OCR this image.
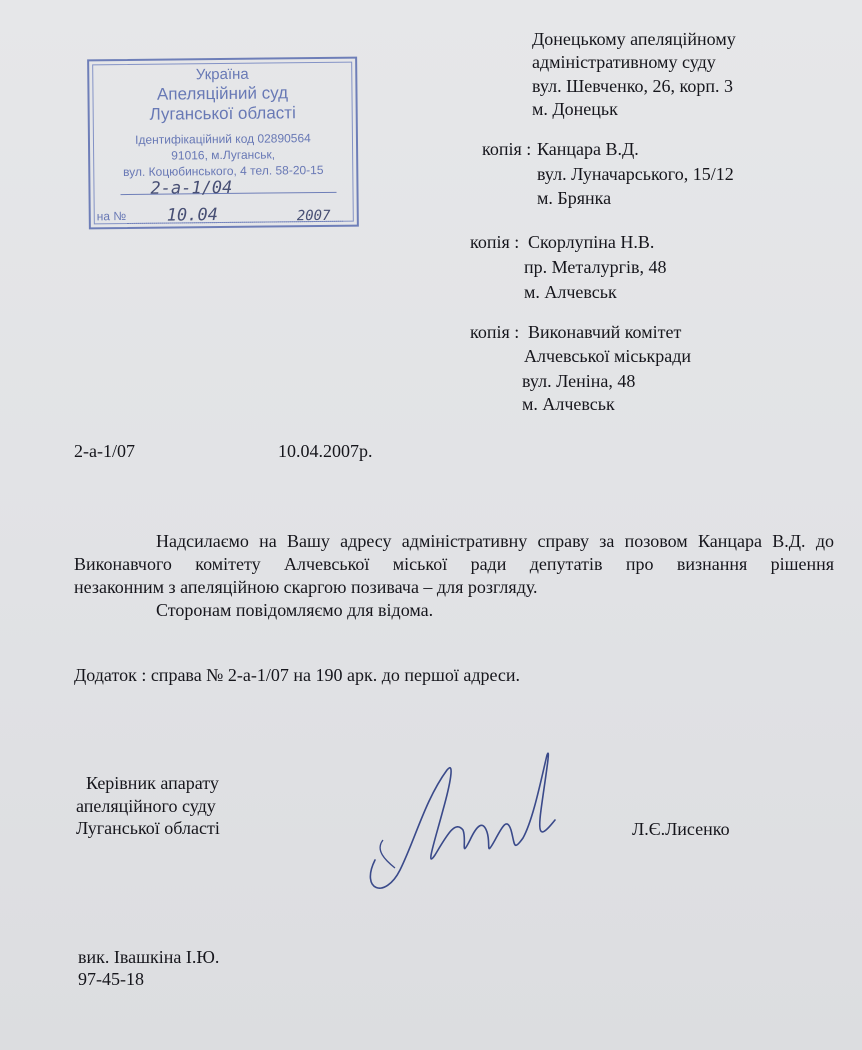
Донецькому апеляційному
адміністративному суду
вул. Шевченко, 26, корп. 3
м. Донецьк
копія : Канцара В.Д.
вул. Луначарського, 15/12
м. Брянка
копія : Скорлупіна Н.В.
пр. Металургів, 48
м. Алчевськ
копія : Виконавчий комітет
Алчевської міськради
вул. Леніна, 48
м. Алчевськ
Україна
Апеляційний суд
Луганської області
Ідентифікаційний код 02890564
91016, м.Луганськ,
вул. Коцюбинського, 4 тел. 58-20-15
2-а-1/04
на № 10.04	2007
2-а-1/07	10.04.2007р.
Надсилаємо на Вашу адресу адміністративну справу за позовом Канцара В.Д. до
Виконавчого комітету Алчевської міської ради депутатів про визнання рішення
незаконним з апеляційною скаргою позивача – для розгляду.
Сторонам повідомляємо для відома.
Додаток : справа № 2-а-1/07 на 190 арк. до першої адреси.
Керівник апарату
апеляційного суду
Луганської області	Л.Є.Лисенко
вик. Івашкіна І.Ю.
97-45-18
